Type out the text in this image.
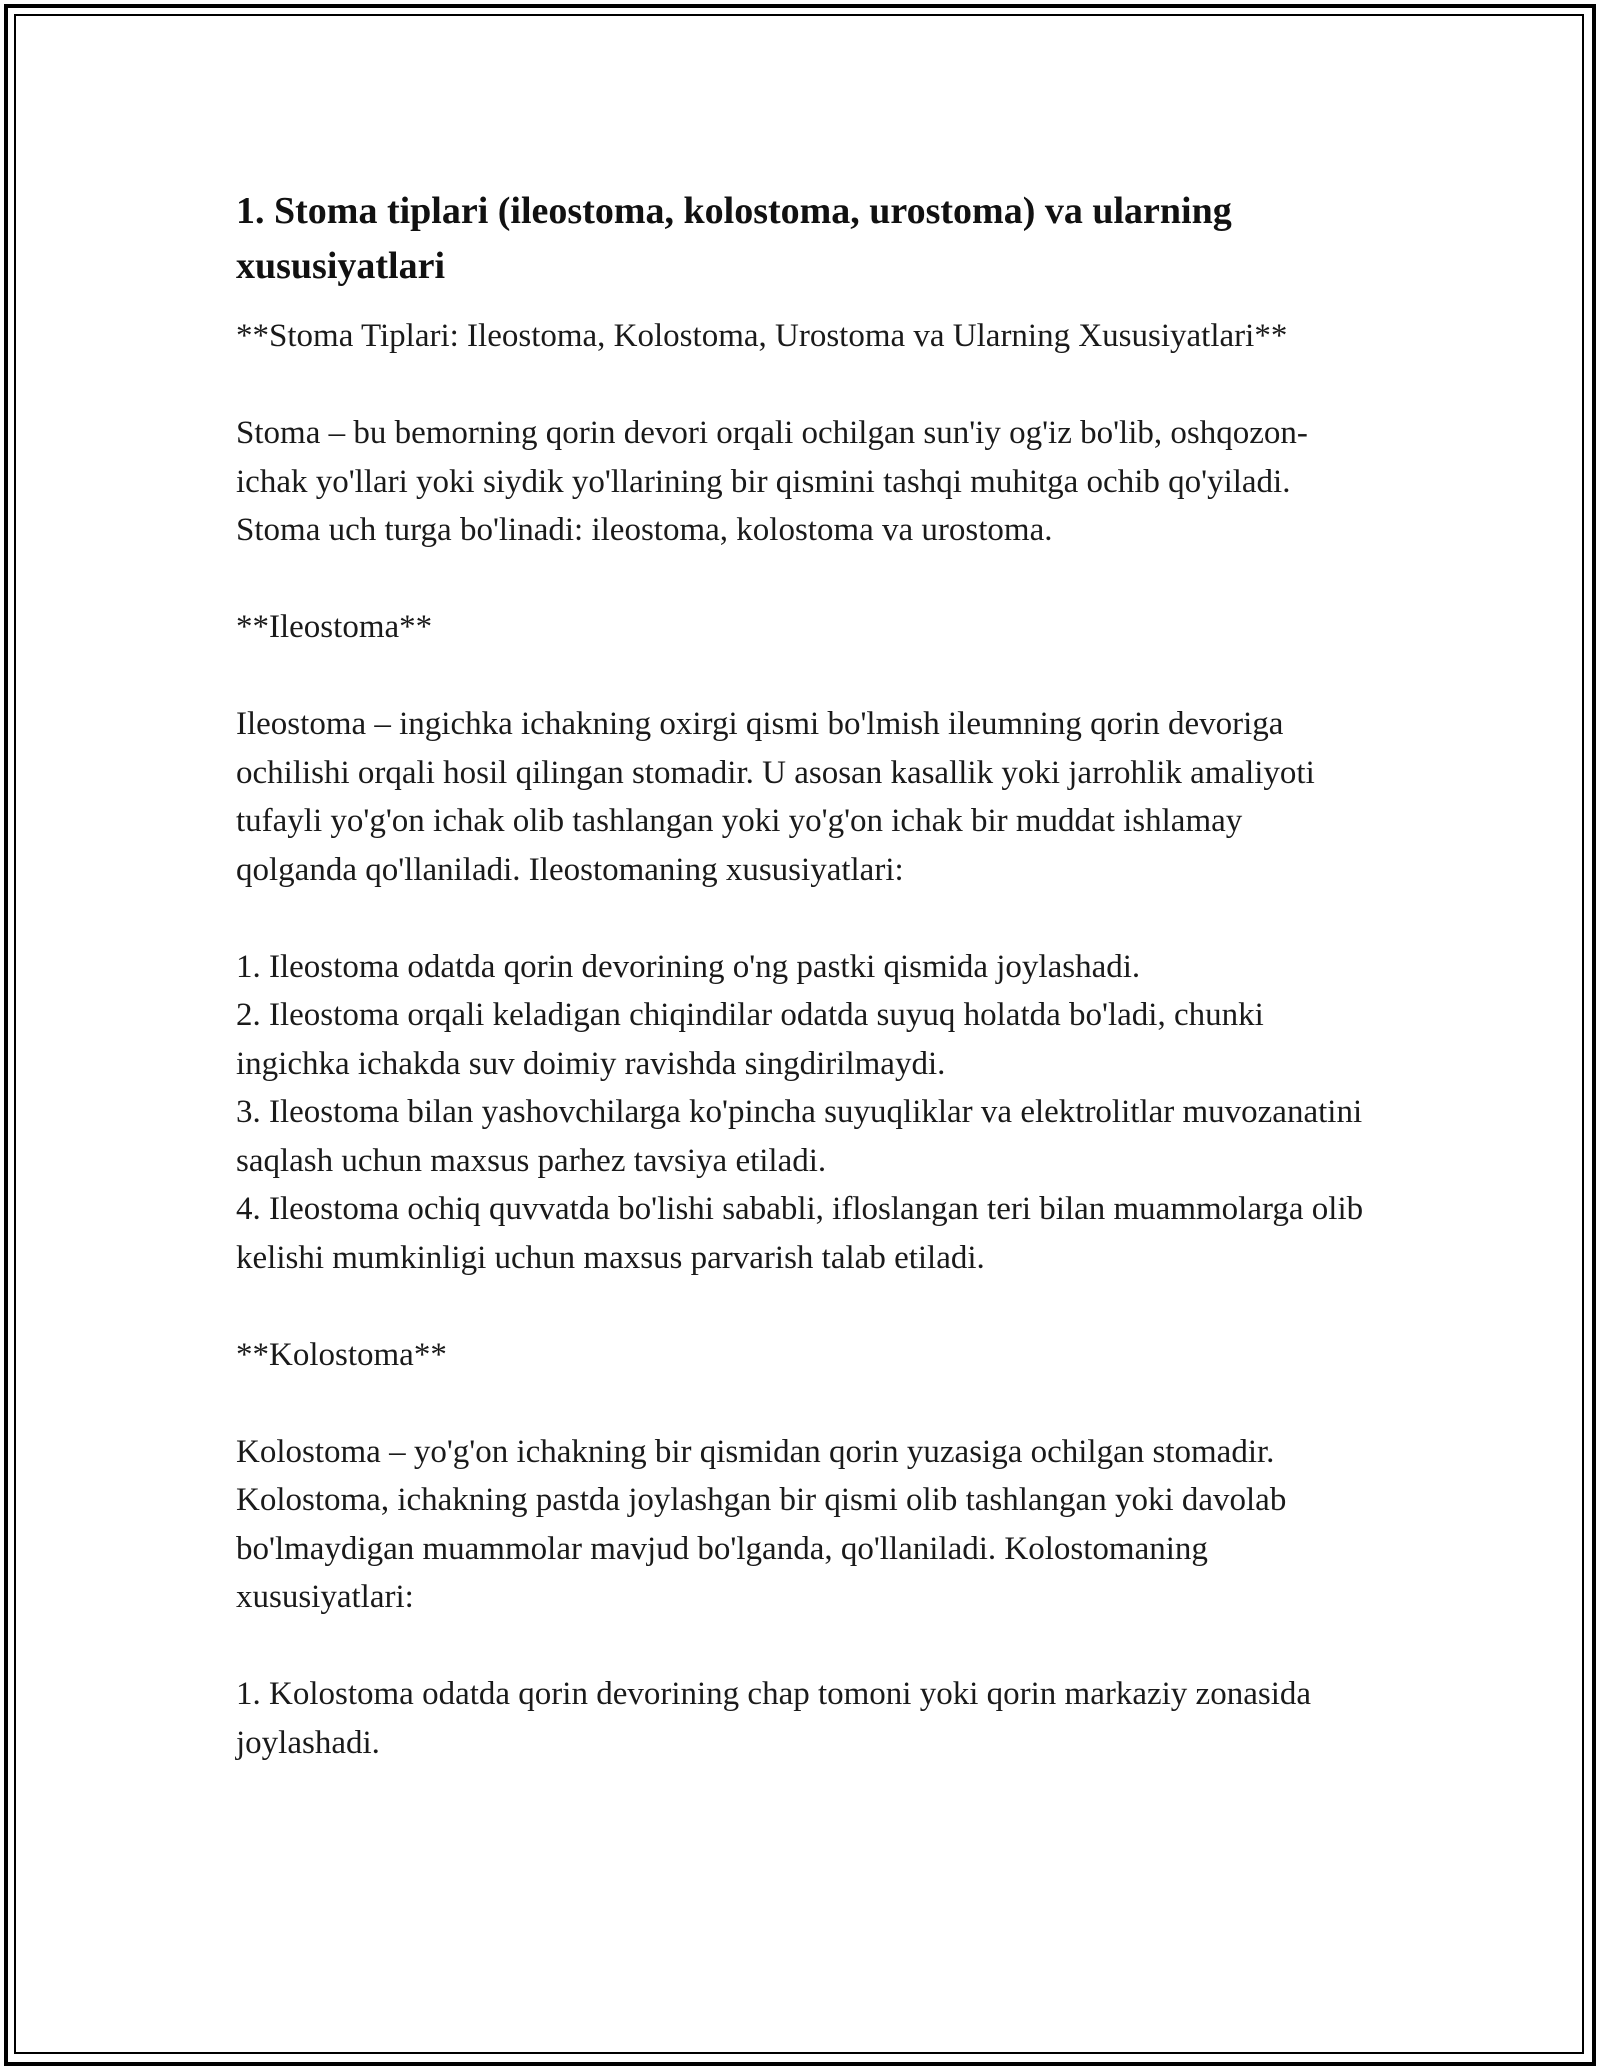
1. Stoma tiplari (ileostoma, kolostoma, urostoma) va ularning xususiyatlari

**Stoma Tiplari: Ileostoma, Kolostoma, Urostoma va Ularning Xususiyatlari**

Stoma – bu bemorning qorin devori orqali ochilgan sun'iy og'iz bo'lib, oshqozon-ichak yo'llari yoki siydik yo'llarining bir qismini tashqi muhitga ochib qo'yiladi. Stoma uch turga bo'linadi: ileostoma, kolostoma va urostoma.

**Ileostoma**

Ileostoma – ingichka ichakning oxirgi qismi bo'lmish ileumning qorin devoriga ochilishi orqali hosil qilingan stomadir. U asosan kasallik yoki jarrohlik amaliyoti tufayli yo'g'on ichak olib tashlangan yoki yo'g'on ichak bir muddat ishlamay qolganda qo'llaniladi. Ileostomaning xususiyatlari:

1. Ileostoma odatda qorin devorining o'ng pastki qismida joylashadi.
2. Ileostoma orqali keladigan chiqindilar odatda suyuq holatda bo'ladi, chunki ingichka ichakda suv doimiy ravishda singdirilmaydi.
3. Ileostoma bilan yashovchilarga ko'pincha suyuqliklar va elektrolitlar muvozanatini saqlash uchun maxsus parhez tavsiya etiladi.
4. Ileostoma ochiq quvvatda bo'lishi sababli, ifloslangan teri bilan muammolarga olib kelishi mumkinligi uchun maxsus parvarish talab etiladi.

**Kolostoma**

Kolostoma – yo'g'on ichakning bir qismidan qorin yuzasiga ochilgan stomadir. Kolostoma, ichakning pastda joylashgan bir qismi olib tashlangan yoki davolab bo'lmaydigan muammolar mavjud bo'lganda, qo'llaniladi. Kolostomaning xususiyatlari:

1. Kolostoma odatda qorin devorining chap tomoni yoki qorin markaziy zonasida joylashadi.
